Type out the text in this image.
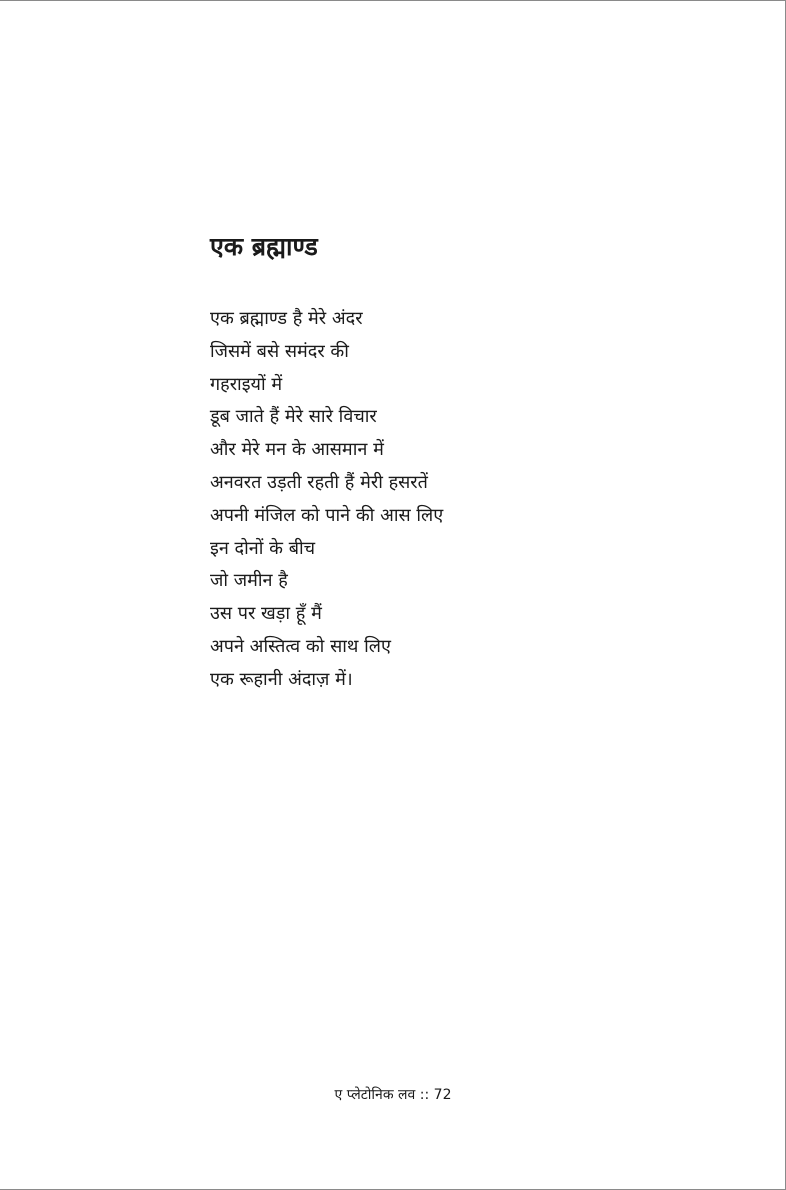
एक ब्रह्माण्ड
एक ब्रह्माण्ड है मेरे अंदर
जिसमें बसे समंदर की
गहराइयों में
डूब जाते हैं मेरे सारे विचार
और मेरे मन के आसमान में
अनवरत उड़ती रहती हैं मेरी हसरतें
अपनी मंजिल को पाने की आस लिए
इन दोनों के बीच
जो जमीन है
उस पर खड़ा हूँ मैं
अपने अस्तित्व को साथ लिए
एक रूहानी अंदाज़ में।
ए प्लेटोनिक लव :: 72
